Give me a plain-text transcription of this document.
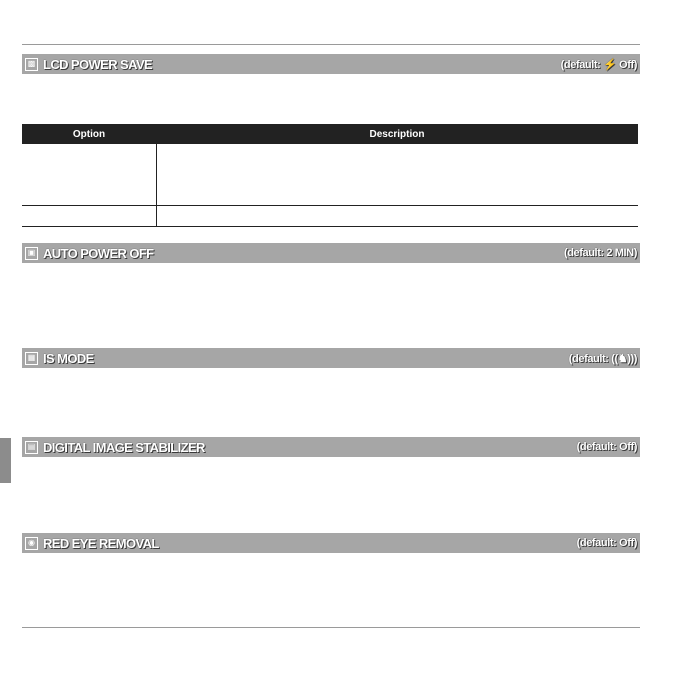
▩ LCD POWER SAVE	(default: ⚡ Off)
Option	Description
▣ AUTO POWER OFF	(default: 2 MIN)
▦ IS MODE	(default: ((♞)))
▤ DIGITAL IMAGE STABILIZER	(default: Off)
◉ RED EYE REMOVAL	(default: Off)
